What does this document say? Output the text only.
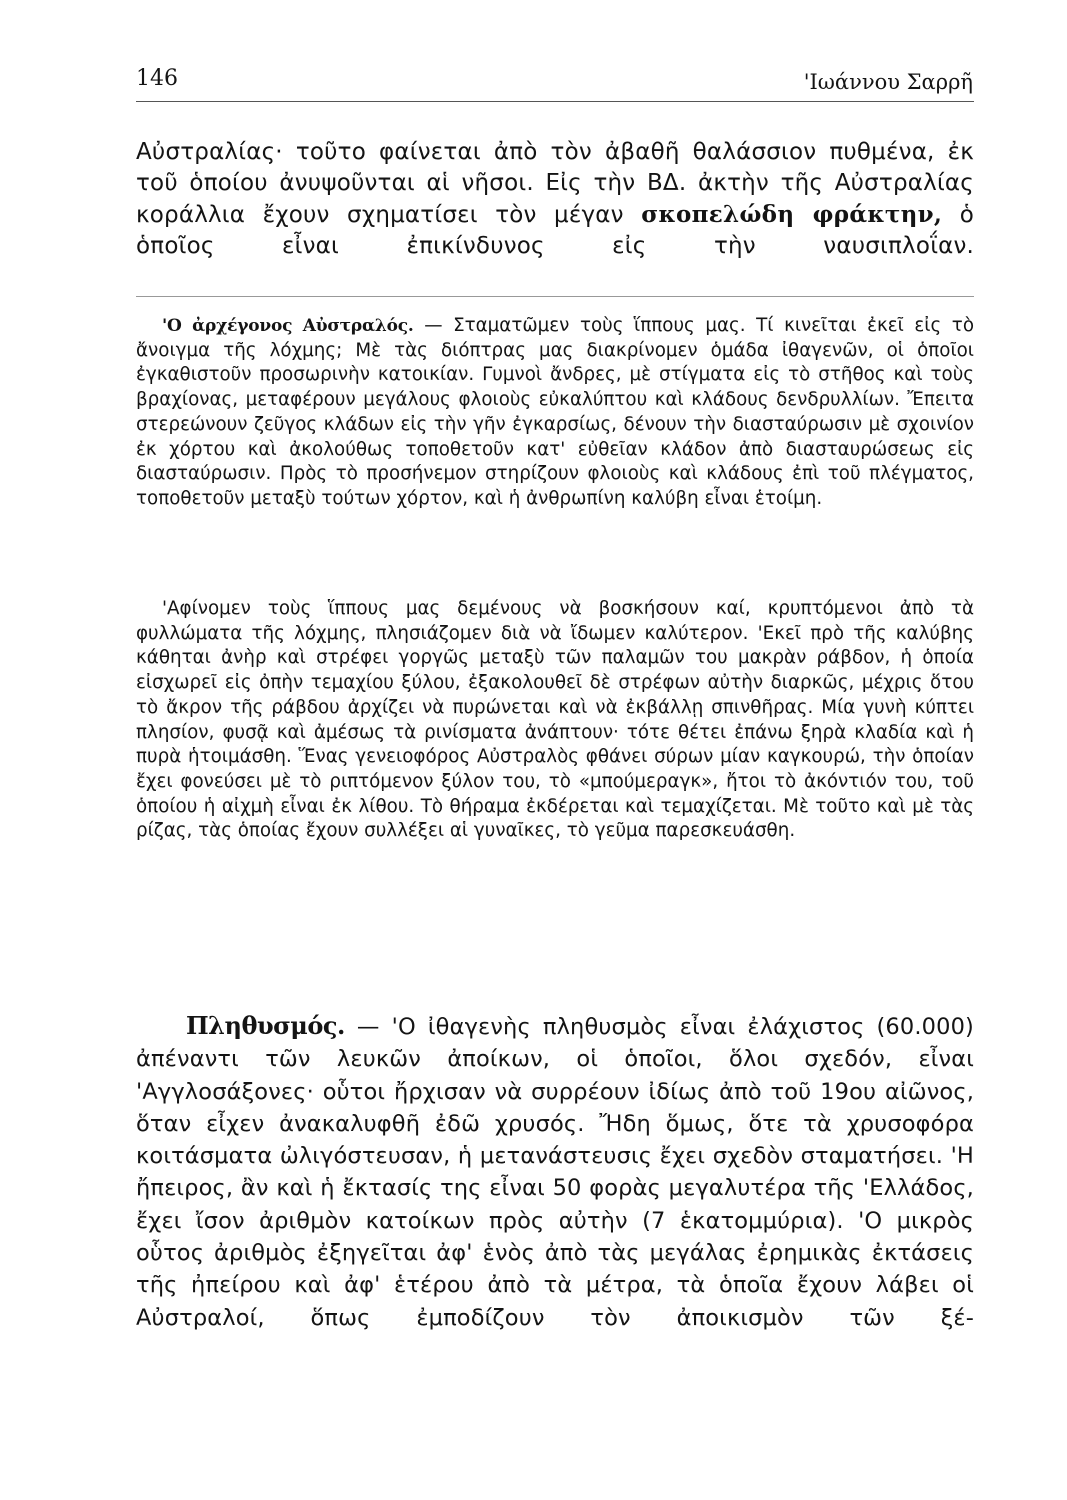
146	'Ιωάννου Σαρρῆ

Αὐστραλίας· τοῦτο φαίνεται ἀπὸ τὸν ἀβαθῆ θαλάσσιον πυθμένα, ἐκ τοῦ ὁποίου ἀνυψοῦνται αἱ νῆσοι. Εἰς τὴν ΒΔ. ἀκτὴν τῆς Αὐστραλίας κοράλλια ἔχουν σχηματίσει τὸν μέγαν σκοπελώδη φράκτην, ὁ ὁποῖος εἶναι ἐπικίνδυνος εἰς τὴν ναυσιπλοΐαν.

'Ο ἀρχέγονος Αὐστραλός. — Σταματῶμεν τοὺς ἵππους μας. Τί κινεῖται ἐκεῖ εἰς τὸ ἄνοιγμα τῆς λόχμης; Μὲ τὰς διόπτρας μας διακρίνομεν ὁμάδα ἰθαγενῶν, οἱ ὁποῖοι ἐγκαθιστοῦν προσωρινὴν κατοικίαν. Γυμνοὶ ἄνδρες, μὲ στίγματα εἰς τὸ στῆθος καὶ τοὺς βραχίονας, μεταφέρουν μεγάλους φλοιοὺς εὐκαλύπτου καὶ κλάδους δενδρυλλίων. Ἔπειτα στερεώνουν ζεῦγος κλάδων εἰς τὴν γῆν ἐγκαρσίως, δένουν τὴν διασταύρωσιν μὲ σχοινίον ἐκ χόρτου καὶ ἀκολούθως τοποθετοῦν κατ' εὐθεῖαν κλάδον ἀπὸ διασταυρώσεως εἰς διασταύρωσιν. Πρὸς τὸ προσήνεμον στηρίζουν φλοιοὺς καὶ κλάδους ἐπὶ τοῦ πλέγματος, τοποθετοῦν μεταξὺ τούτων χόρτον, καὶ ἡ ἀνθρωπίνη καλύβη εἶναι ἑτοίμη.

'Αφίνομεν τοὺς ἵππους μας δεμένους νὰ βοσκήσουν καί, κρυπτόμενοι ἀπὸ τὰ φυλλώματα τῆς λόχμης, πλησιάζομεν διὰ νὰ ἴδωμεν καλύτερον. 'Εκεῖ πρὸ τῆς καλύβης κάθηται ἀνὴρ καὶ στρέφει γοργῶς μεταξὺ τῶν παλαμῶν του μακρὰν ράβδον, ἡ ὁποία εἰσχωρεῖ εἰς ὀπὴν τεμαχίου ξύλου, ἐξακολουθεῖ δὲ στρέφων αὐτὴν διαρκῶς, μέχρις ὅτου τὸ ἄκρον τῆς ράβδου ἀρχίζει νὰ πυρώνεται καὶ νὰ ἐκβάλλῃ σπινθῆρας. Μία γυνὴ κύπτει πλησίον, φυσᾷ καὶ ἀμέσως τὰ ρινίσματα ἀνάπτουν· τότε θέτει ἐπάνω ξηρὰ κλαδία καὶ ἡ πυρὰ ἡτοιμάσθη. Ἕνας γενειοφόρος Αὐστραλὸς φθάνει σύρων μίαν καγκουρώ, τὴν ὁποίαν ἔχει φονεύσει μὲ τὸ ριπτόμενον ξύλον του, τὸ «μπούμεραγκ», ἤτοι τὸ ἀκόντιόν του, τοῦ ὁποίου ἡ αἰχμὴ εἶναι ἐκ λίθου. Τὸ θήραμα ἐκδέρεται καὶ τεμαχίζεται. Μὲ τοῦτο καὶ μὲ τὰς ρίζας, τὰς ὁποίας ἔχουν συλλέξει αἱ γυναῖκες, τὸ γεῦμα παρεσκευάσθη.

Πληθυσμός. — 'Ο ἰθαγενὴς πληθυσμὸς εἶναι ἐλάχιστος (60.000) ἀπέναντι τῶν λευκῶν ἀποίκων, οἱ ὁποῖοι, ὅλοι σχεδόν, εἶναι 'Αγγλοσάξονες· οὗτοι ἤρχισαν νὰ συρρέουν ἰδίως ἀπὸ τοῦ 19ου αἰῶνος, ὅταν εἶχεν ἀνακαλυφθῆ ἐδῶ χρυσός. Ἤδη ὅμως, ὅτε τὰ χρυσοφόρα κοιτάσματα ὠλιγόστευσαν, ἡ μετανάστευσις ἔχει σχεδὸν σταματήσει. 'Η ἤπειρος, ἂν καὶ ἡ ἔκτασίς της εἶναι 50 φορὰς μεγαλυτέρα τῆς 'Ελλάδος, ἔχει ἴσον ἀριθμὸν κατοίκων πρὸς αὐτὴν (7 ἑκατομμύρια). 'Ο μικρὸς οὗτος ἀριθμὸς ἐξηγεῖται ἀφ' ἑνὸς ἀπὸ τὰς μεγάλας ἐρημικὰς ἐκτάσεις τῆς ἠπείρου καὶ ἀφ' ἑτέρου ἀπὸ τὰ μέτρα, τὰ ὁποῖα ἔχουν λάβει οἱ Αὐστραλοί, ὅπως ἐμποδίζουν τὸν ἀποικισμὸν τῶν ξέ-
